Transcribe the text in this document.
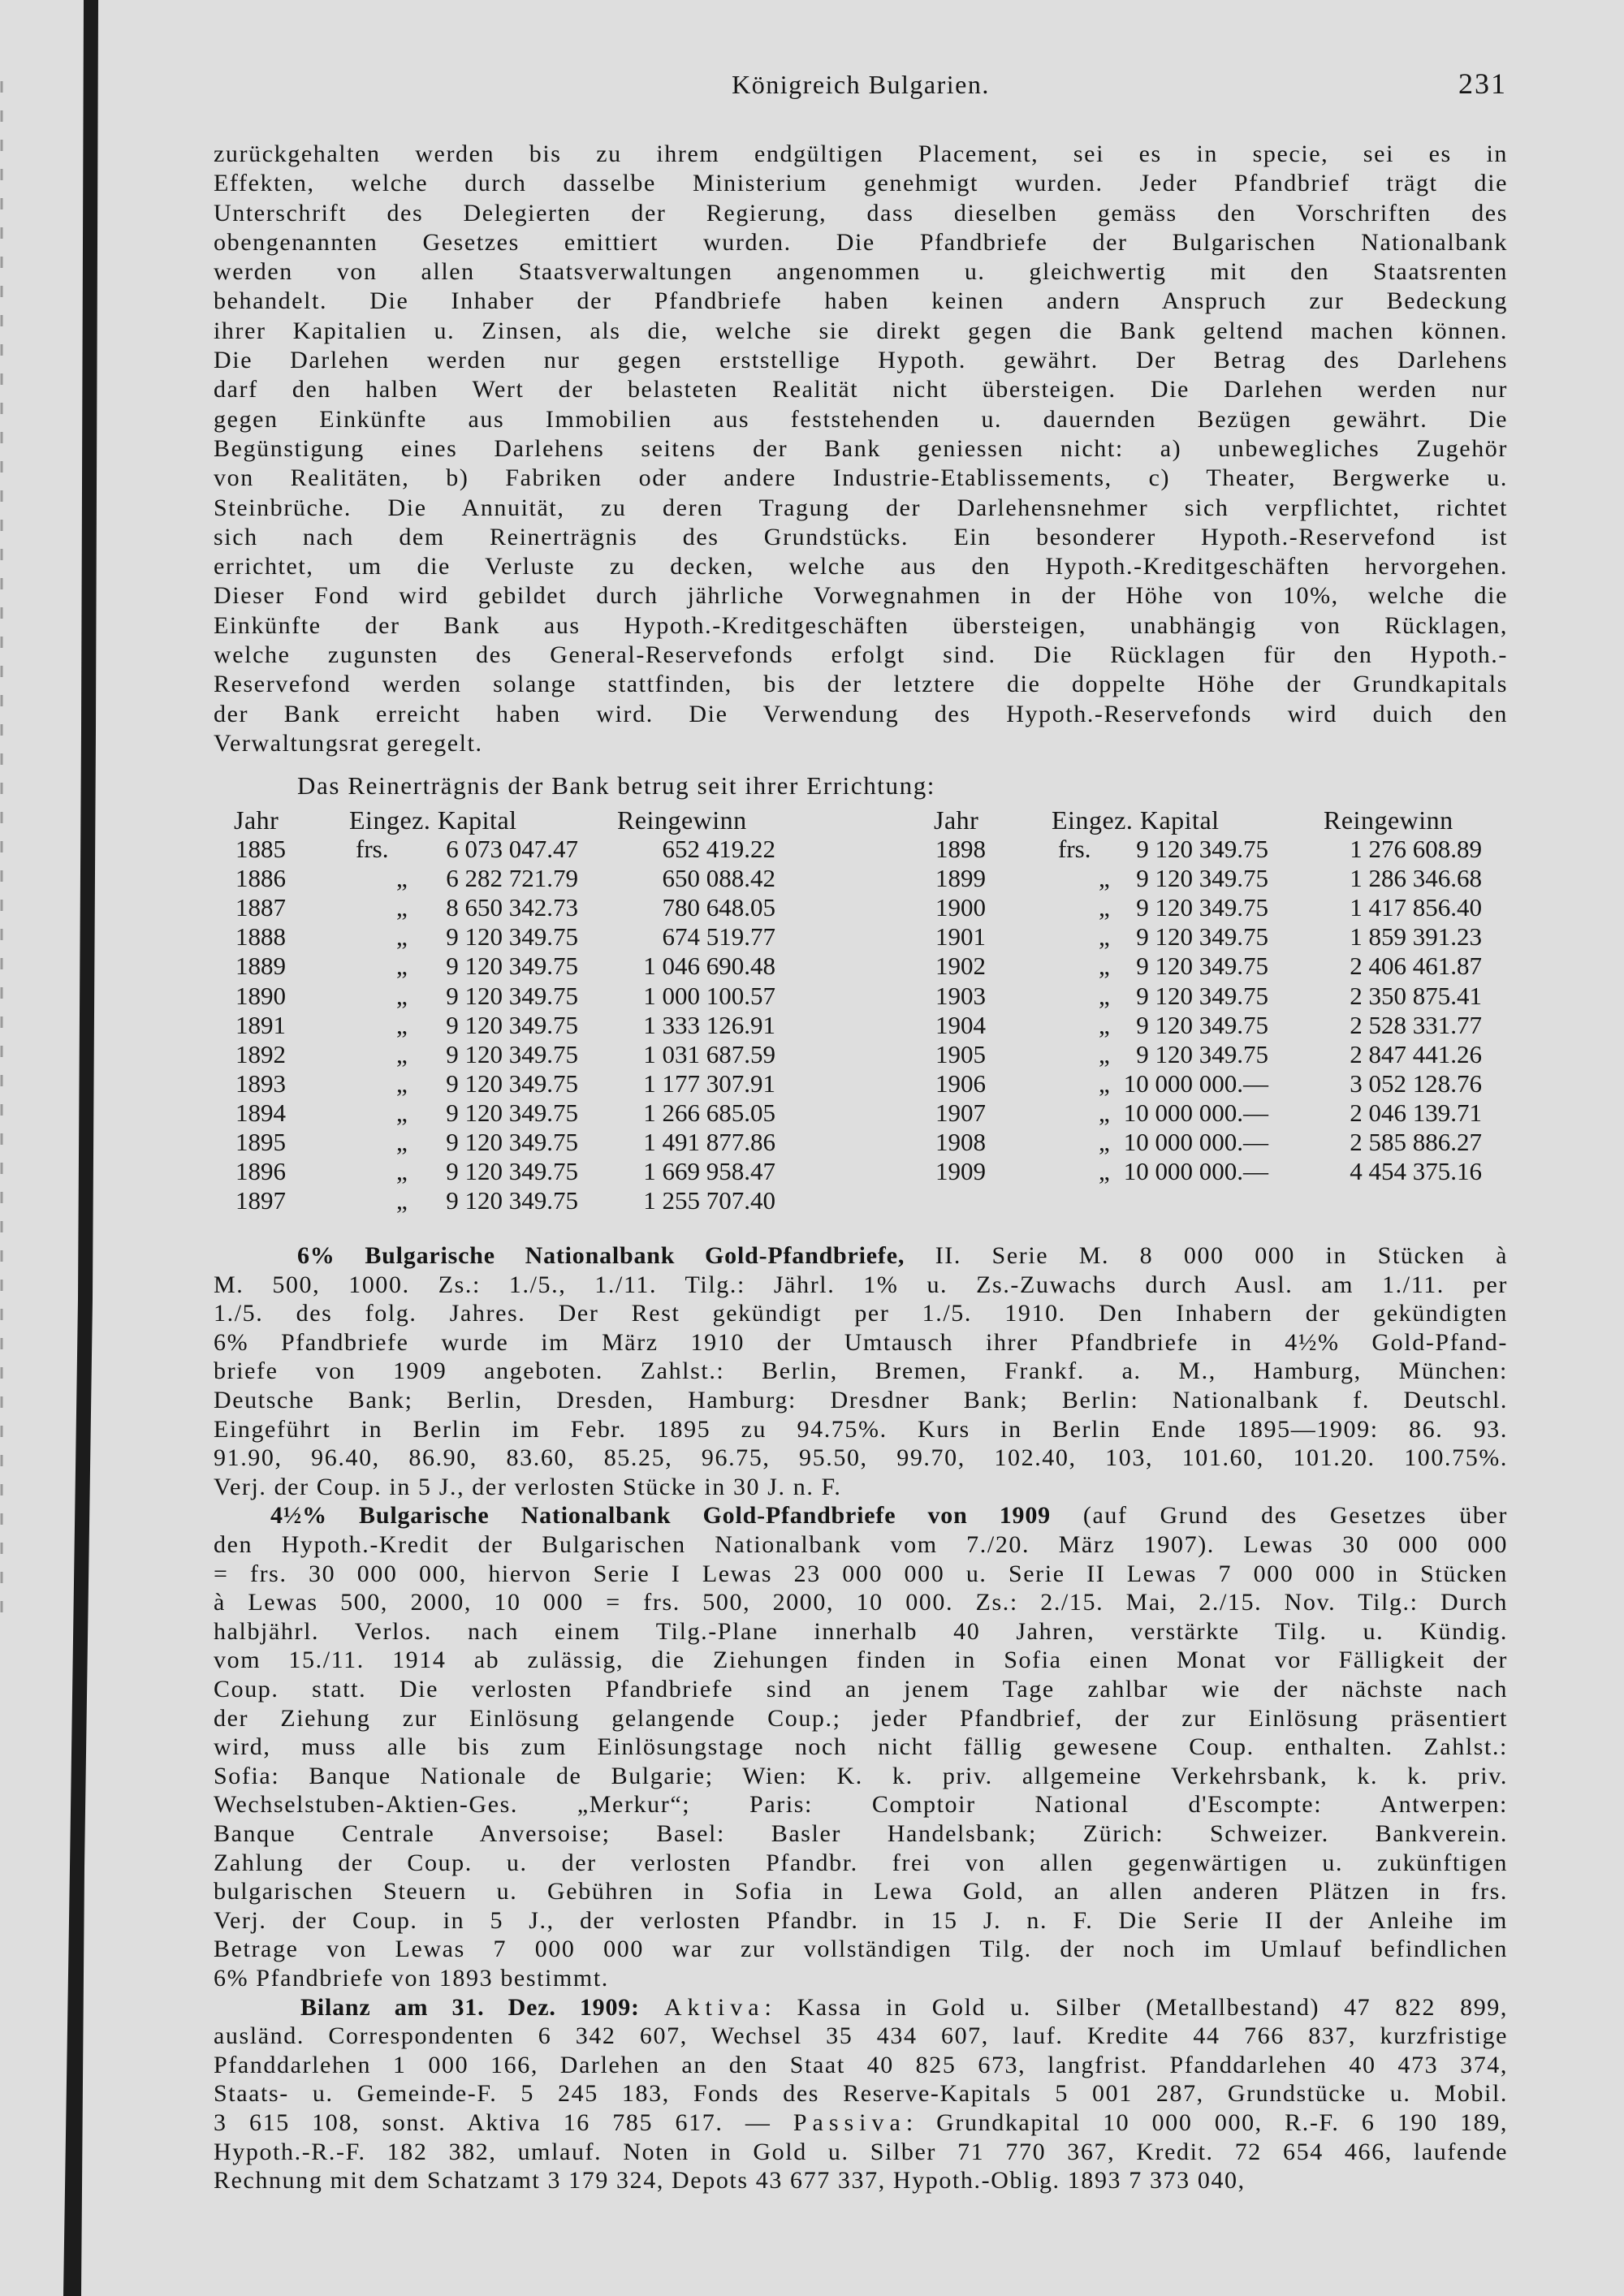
Königreich Bulgarien.	231
zurückgehalten werden bis zu ihrem endgültigen Placement, sei es in specie, sei es in
Effekten, welche durch dasselbe Ministerium genehmigt wurden. Jeder Pfandbrief trägt die
Unterschrift des Delegierten der Regierung, dass dieselben gemäss den Vorschriften des
obengenannten Gesetzes emittiert wurden. Die Pfandbriefe der Bulgarischen Nationalbank
werden von allen Staatsverwaltungen angenommen u. gleichwertig mit den Staatsrenten
behandelt. Die Inhaber der Pfandbriefe haben keinen andern Anspruch zur Bedeckung
ihrer Kapitalien u. Zinsen, als die, welche sie direkt gegen die Bank geltend machen können.
Die Darlehen werden nur gegen erststellige Hypoth. gewährt. Der Betrag des Darlehens
darf den halben Wert der belasteten Realität nicht übersteigen. Die Darlehen werden nur
gegen Einkünfte aus Immobilien aus feststehenden u. dauernden Bezügen gewährt. Die
Begünstigung eines Darlehens seitens der Bank geniessen nicht: a) unbewegliches Zugehör
von Realitäten, b) Fabriken oder andere Industrie-Etablissements, c) Theater, Bergwerke u.
Steinbrüche. Die Annuität, zu deren Tragung der Darlehensnehmer sich verpflichtet, richtet
sich nach dem Reinerträgnis des Grundstücks. Ein besonderer Hypoth.-Reservefond ist
errichtet, um die Verluste zu decken, welche aus den Hypoth.-Kreditgeschäften hervorgehen.
Dieser Fond wird gebildet durch jährliche Vorwegnahmen in der Höhe von 10%, welche die
Einkünfte der Bank aus Hypoth.-Kreditgeschäften übersteigen, unabhängig von Rücklagen,
welche zugunsten des General-Reservefonds erfolgt sind. Die Rücklagen für den Hypoth.-
Reservefond werden solange stattfinden, bis der letztere die doppelte Höhe der Grundkapitals
der Bank erreicht haben wird. Die Verwendung des Hypoth.-Reservefonds wird duich den
Verwaltungsrat geregelt.
Das Reinerträgnis der Bank betrug seit ihrer Errichtung:
Jahr	Eingez. Kapital	Reingewinn
1885	frs. 6 073 047.47	652 419.22
1886	„ 6 282 721.79	650 088.42
1887	„ 8 650 342.73	780 648.05
1888	„ 9 120 349.75	674 519.77
1889	„ 9 120 349.75	1 046 690.48
1890	„ 9 120 349.75	1 000 100.57
1891	„ 9 120 349.75	1 333 126.91
1892	„ 9 120 349.75	1 031 687.59
1893	„ 9 120 349.75	1 177 307.91
1894	„ 9 120 349.75	1 266 685.05
1895	„ 9 120 349.75	1 491 877.86
1896	„ 9 120 349.75	1 669 958.47
1897	„ 9 120 349.75	1 255 707.40
Jahr	Eingez. Kapital	Reingewinn
1898	frs. 9 120 349.75	1 276 608.89
1899	„ 9 120 349.75	1 286 346.68
1900	„ 9 120 349.75	1 417 856.40
1901	„ 9 120 349.75	1 859 391.23
1902	„ 9 120 349.75	2 406 461.87
1903	„ 9 120 349.75	2 350 875.41
1904	„ 9 120 349.75	2 528 331.77
1905	„ 9 120 349.75	2 847 441.26
1906	„ 10 000 000.—	3 052 128.76
1907	„ 10 000 000.—	2 046 139.71
1908	„ 10 000 000.—	2 585 886.27
1909	„ 10 000 000.—	4 454 375.16
6% Bulgarische Nationalbank Gold-Pfandbriefe, II. Serie M. 8 000 000 in Stücken à
M. 500, 1000. Zs.: 1./5., 1./11. Tilg.: Jährl. 1% u. Zs.-Zuwachs durch Ausl. am 1./11. per
1./5. des folg. Jahres. Der Rest gekündigt per 1./5. 1910. Den Inhabern der gekündigten
6% Pfandbriefe wurde im März 1910 der Umtausch ihrer Pfandbriefe in 4½% Gold-Pfand-
briefe von 1909 angeboten. Zahlst.: Berlin, Bremen, Frankf. a. M., Hamburg, München:
Deutsche Bank; Berlin, Dresden, Hamburg: Dresdner Bank; Berlin: Nationalbank f. Deutschl.
Eingeführt in Berlin im Febr. 1895 zu 94.75%. Kurs in Berlin Ende 1895—1909: 86. 93.
91.90, 96.40, 86.90, 83.60, 85.25, 96.75, 95.50, 99.70, 102.40, 103, 101.60, 101.20. 100.75%.
Verj. der Coup. in 5 J., der verlosten Stücke in 30 J. n. F.
4½% Bulgarische Nationalbank Gold-Pfandbriefe von 1909 (auf Grund des Gesetzes über
den Hypoth.-Kredit der Bulgarischen Nationalbank vom 7./20. März 1907). Lewas 30 000 000
= frs. 30 000 000, hiervon Serie I Lewas 23 000 000 u. Serie II Lewas 7 000 000 in Stücken
à Lewas 500, 2000, 10 000 = frs. 500, 2000, 10 000. Zs.: 2./15. Mai, 2./15. Nov. Tilg.: Durch
halbjährl. Verlos. nach einem Tilg.-Plane innerhalb 40 Jahren, verstärkte Tilg. u. Kündig.
vom 15./11. 1914 ab zulässig, die Ziehungen finden in Sofia einen Monat vor Fälligkeit der
Coup. statt. Die verlosten Pfandbriefe sind an jenem Tage zahlbar wie der nächste nach
der Ziehung zur Einlösung gelangende Coup.; jeder Pfandbrief, der zur Einlösung präsentiert
wird, muss alle bis zum Einlösungstage noch nicht fällig gewesene Coup. enthalten. Zahlst.:
Sofia: Banque Nationale de Bulgarie; Wien: K. k. priv. allgemeine Verkehrsbank, k. k. priv.
Wechselstuben-Aktien-Ges. „Merkur“; Paris: Comptoir National d'Escompte: Antwerpen:
Banque Centrale Anversoise; Basel: Basler Handelsbank; Zürich: Schweizer. Bankverein.
Zahlung der Coup. u. der verlosten Pfandbr. frei von allen gegenwärtigen u. zukünftigen
bulgarischen Steuern u. Gebühren in Sofia in Lewa Gold, an allen anderen Plätzen in frs.
Verj. der Coup. in 5 J., der verlosten Pfandbr. in 15 J. n. F. Die Serie II der Anleihe im
Betrage von Lewas 7 000 000 war zur vollständigen Tilg. der noch im Umlauf befindlichen
6% Pfandbriefe von 1893 bestimmt.
Bilanz am 31. Dez. 1909: Aktiva: Kassa in Gold u. Silber (Metallbestand) 47 822 899,
ausländ. Correspondenten 6 342 607, Wechsel 35 434 607, lauf. Kredite 44 766 837, kurzfristige
Pfanddarlehen 1 000 166, Darlehen an den Staat 40 825 673, langfrist. Pfanddarlehen 40 473 374,
Staats- u. Gemeinde-F. 5 245 183, Fonds des Reserve-Kapitals 5 001 287, Grundstücke u. Mobil.
3 615 108, sonst. Aktiva 16 785 617. — Passiva: Grundkapital 10 000 000, R.-F. 6 190 189,
Hypoth.-R.-F. 182 382, umlauf. Noten in Gold u. Silber 71 770 367, Kredit. 72 654 466, laufende
Rechnung mit dem Schatzamt 3 179 324, Depots 43 677 337, Hypoth.-Oblig. 1893 7 373 040,
